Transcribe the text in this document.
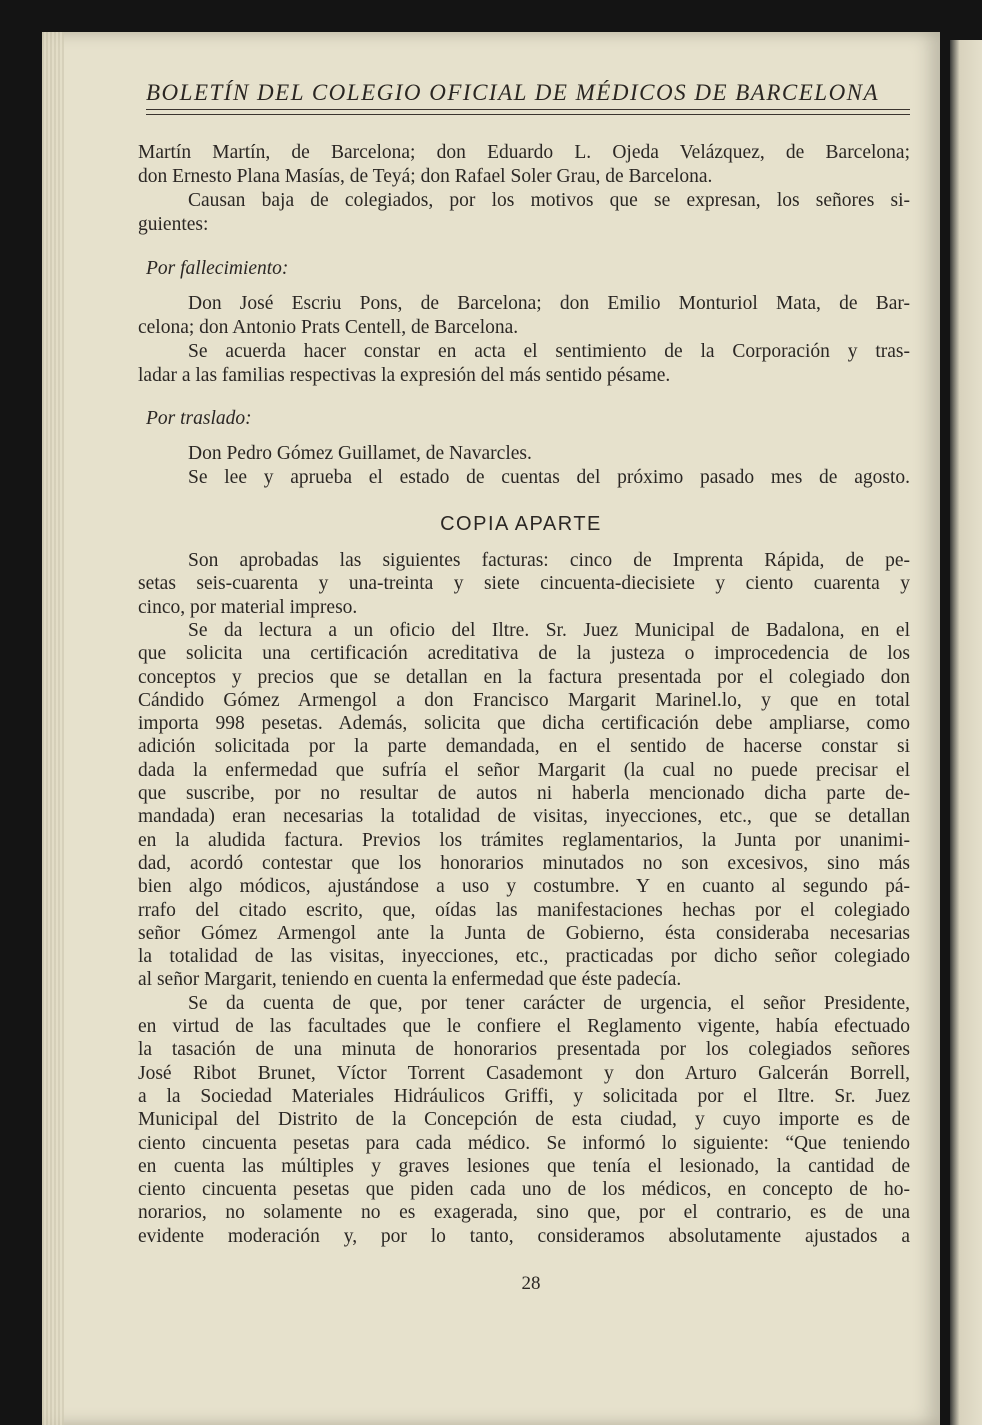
BOLETÍN DEL COLEGIO OFICIAL DE MÉDICOS DE BARCELONA
Martín Martín, de Barcelona; don Eduardo L. Ojeda Velázquez, de Barcelona;
don Ernesto Plana Masías, de Teyá; don Rafael Soler Grau, de Barcelona.
Causan baja de colegiados, por los motivos que se expresan, los señores si-
guientes:
Por fallecimiento:
Don José Escriu Pons, de Barcelona; don Emilio Monturiol Mata, de Bar-
celona; don Antonio Prats Centell, de Barcelona.
Se acuerda hacer constar en acta el sentimiento de la Corporación y tras-
ladar a las familias respectivas la expresión del más sentido pésame.
Por traslado:
Don Pedro Gómez Guillamet, de Navarcles.
Se lee y aprueba el estado de cuentas del próximo pasado mes de agosto.
COPIA APARTE
Son aprobadas las siguientes facturas: cinco de Imprenta Rápida, de pe-
setas seis-cuarenta y una-treinta y siete cincuenta-diecisiete y ciento cuarenta y
cinco, por material impreso.
Se da lectura a un oficio del Iltre. Sr. Juez Municipal de Badalona, en el
que solicita una certificación acreditativa de la justeza o improcedencia de los
conceptos y precios que se detallan en la factura presentada por el colegiado don
Cándido Gómez Armengol a don Francisco Margarit Marinel.lo, y que en total
importa 998 pesetas. Además, solicita que dicha certificación debe ampliarse, como
adición solicitada por la parte demandada, en el sentido de hacerse constar si
dada la enfermedad que sufría el señor Margarit (la cual no puede precisar el
que suscribe, por no resultar de autos ni haberla mencionado dicha parte de-
mandada) eran necesarias la totalidad de visitas, inyecciones, etc., que se detallan
en la aludida factura. Previos los trámites reglamentarios, la Junta por unanimi-
dad, acordó contestar que los honorarios minutados no son excesivos, sino más
bien algo módicos, ajustándose a uso y costumbre. Y en cuanto al segundo pá-
rrafo del citado escrito, que, oídas las manifestaciones hechas por el colegiado
señor Gómez Armengol ante la Junta de Gobierno, ésta consideraba necesarias
la totalidad de las visitas, inyecciones, etc., practicadas por dicho señor colegiado
al señor Margarit, teniendo en cuenta la enfermedad que éste padecía.
Se da cuenta de que, por tener carácter de urgencia, el señor Presidente,
en virtud de las facultades que le confiere el Reglamento vigente, había efectuado
la tasación de una minuta de honorarios presentada por los colegiados señores
José Ribot Brunet, Víctor Torrent Casademont y don Arturo Galcerán Borrell,
a la Sociedad Materiales Hidráulicos Griffi, y solicitada por el Iltre. Sr. Juez
Municipal del Distrito de la Concepción de esta ciudad, y cuyo importe es de
ciento cincuenta pesetas para cada médico. Se informó lo siguiente: “Que teniendo
en cuenta las múltiples y graves lesiones que tenía el lesionado, la cantidad de
ciento cincuenta pesetas que piden cada uno de los médicos, en concepto de ho-
norarios, no solamente no es exagerada, sino que, por el contrario, es de una
evidente moderación y, por lo tanto, consideramos absolutamente ajustados a
28
